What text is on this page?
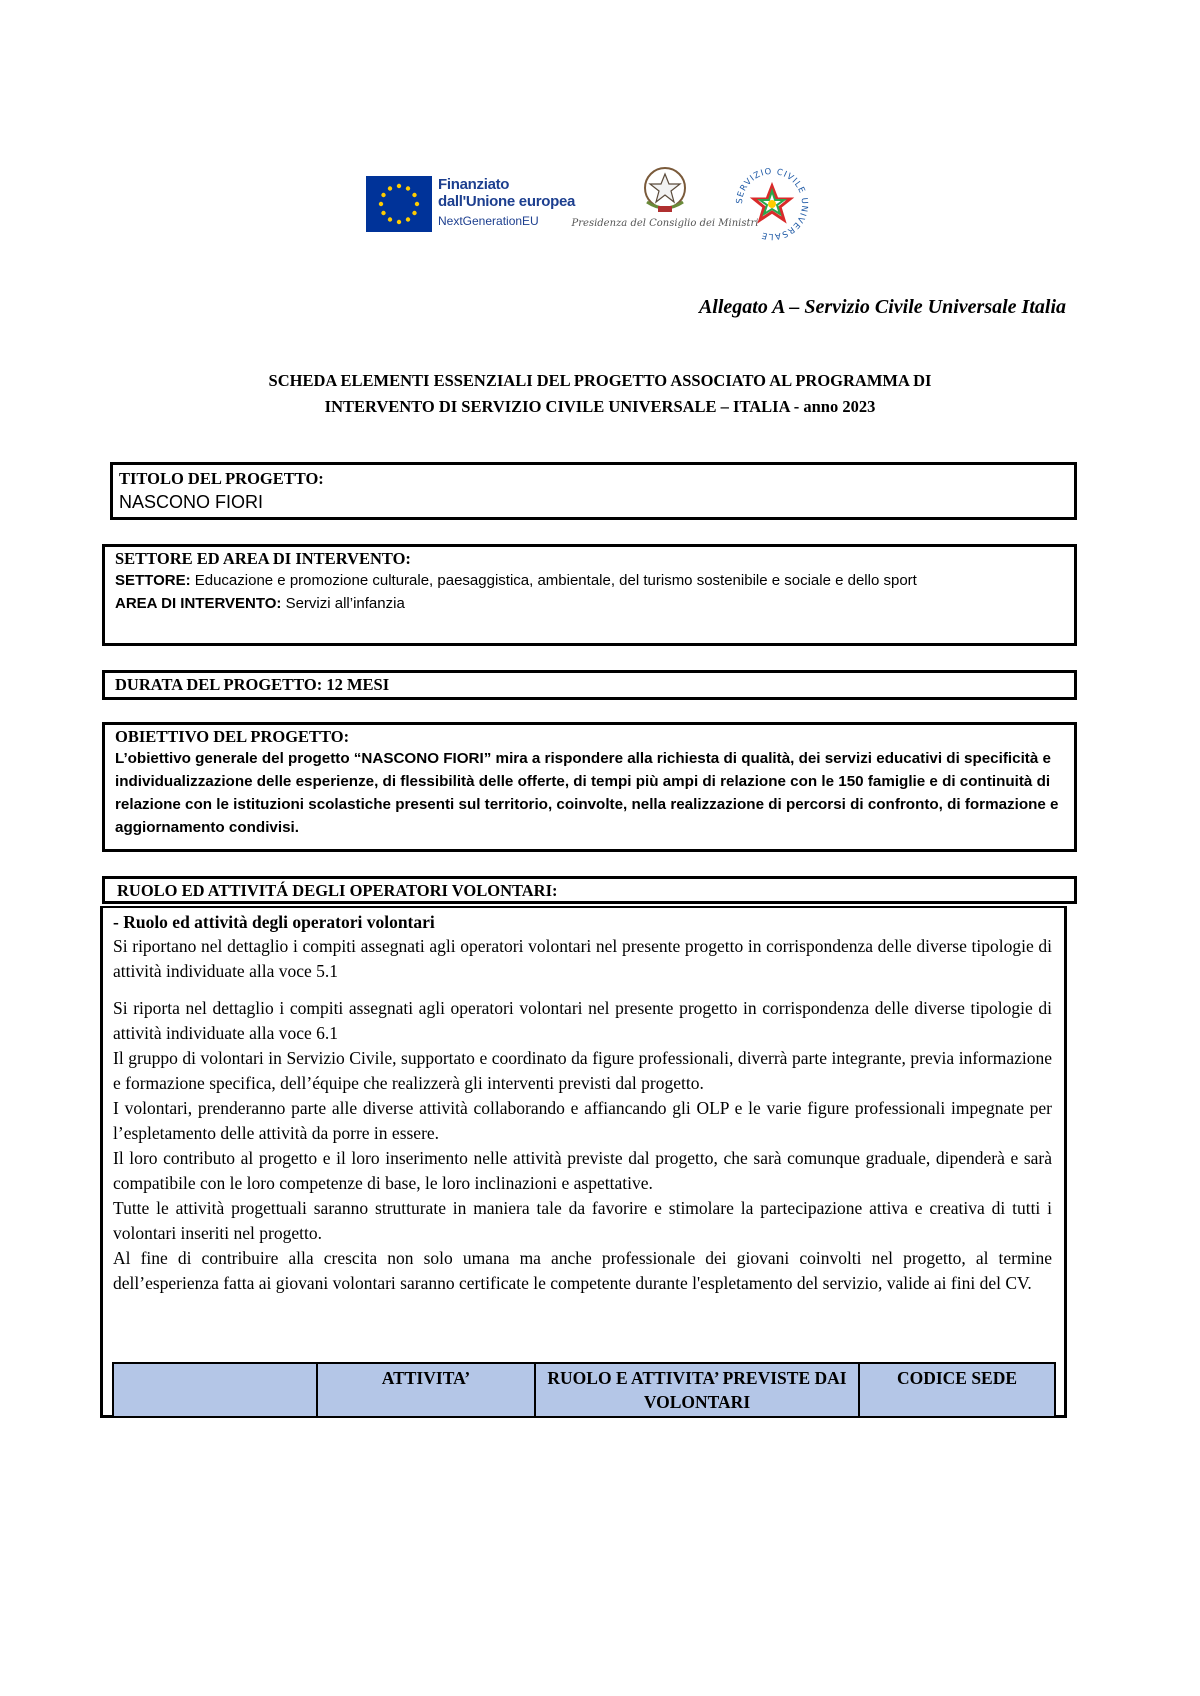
Finanziato
dall'Unione europea
NextGenerationEU	Presidenza del Consiglio dei Ministri
SERVIZIO CIVILE UNIVERSALE
Allegato A – Servizio Civile Universale Italia
SCHEDA ELEMENTI ESSENZIALI DEL PROGETTO ASSOCIATO AL PROGRAMMA DI
INTERVENTO DI SERVIZIO CIVILE UNIVERSALE – ITALIA - anno 2023
TITOLO DEL PROGETTO:
NASCONO FIORI
SETTORE ED AREA DI INTERVENTO:
SETTORE: Educazione e promozione culturale, paesaggistica, ambientale, del turismo sostenibile e sociale e dello sport
AREA DI INTERVENTO: Servizi all’infanzia
DURATA DEL PROGETTO: 12 MESI
OBIETTIVO DEL PROGETTO:
L’obiettivo generale del progetto “NASCONO FIORI” mira a rispondere alla richiesta di qualità, dei servizi educativi di specificità e individualizzazione delle esperienze, di flessibilità delle offerte, di tempi più ampi di relazione con le 150 famiglie e di continuità di relazione con le istituzioni scolastiche presenti sul territorio, coinvolte, nella realizzazione di percorsi di confronto, di formazione e aggiornamento condivisi.
RUOLO ED ATTIVITÁ DEGLI OPERATORI VOLONTARI:
- Ruolo ed attività degli operatori volontari

Si riportano nel dettaglio i compiti assegnati agli operatori volontari nel presente progetto in corrispondenza delle diverse tipologie di attività individuate alla voce 5.1

Si riporta nel dettaglio i compiti assegnati agli operatori volontari nel presente progetto in corrispondenza delle diverse tipologie di attività individuate alla voce 6.1

Il gruppo di volontari in Servizio Civile, supportato e coordinato da figure professionali, diverrà parte integrante, previa informazione e formazione specifica, dell’équipe che realizzerà gli interventi previsti dal progetto.

I volontari, prenderanno parte alle diverse attività collaborando e affiancando gli OLP e le varie figure professionali impegnate per l’espletamento delle attività da porre in essere.

Il loro contributo al progetto e il loro inserimento nelle attività previste dal progetto, che sarà comunque graduale, dipenderà e sarà compatibile con le loro competenze di base, le loro inclinazioni e aspettative.

Tutte le attività progettuali saranno strutturate in maniera tale da favorire e stimolare la partecipazione attiva e creativa di tutti i volontari inseriti nel progetto.

Al fine di contribuire alla crescita non solo umana ma anche professionale dei giovani coinvolti nel progetto, al termine dell’esperienza fatta ai giovani volontari saranno certificate le competente durante l'espletamento del servizio, valide ai fini del CV.

	ATTIVITA’	RUOLO E ATTIVITA’ PREVISTE DAI VOLONTARI	CODICE SEDE
